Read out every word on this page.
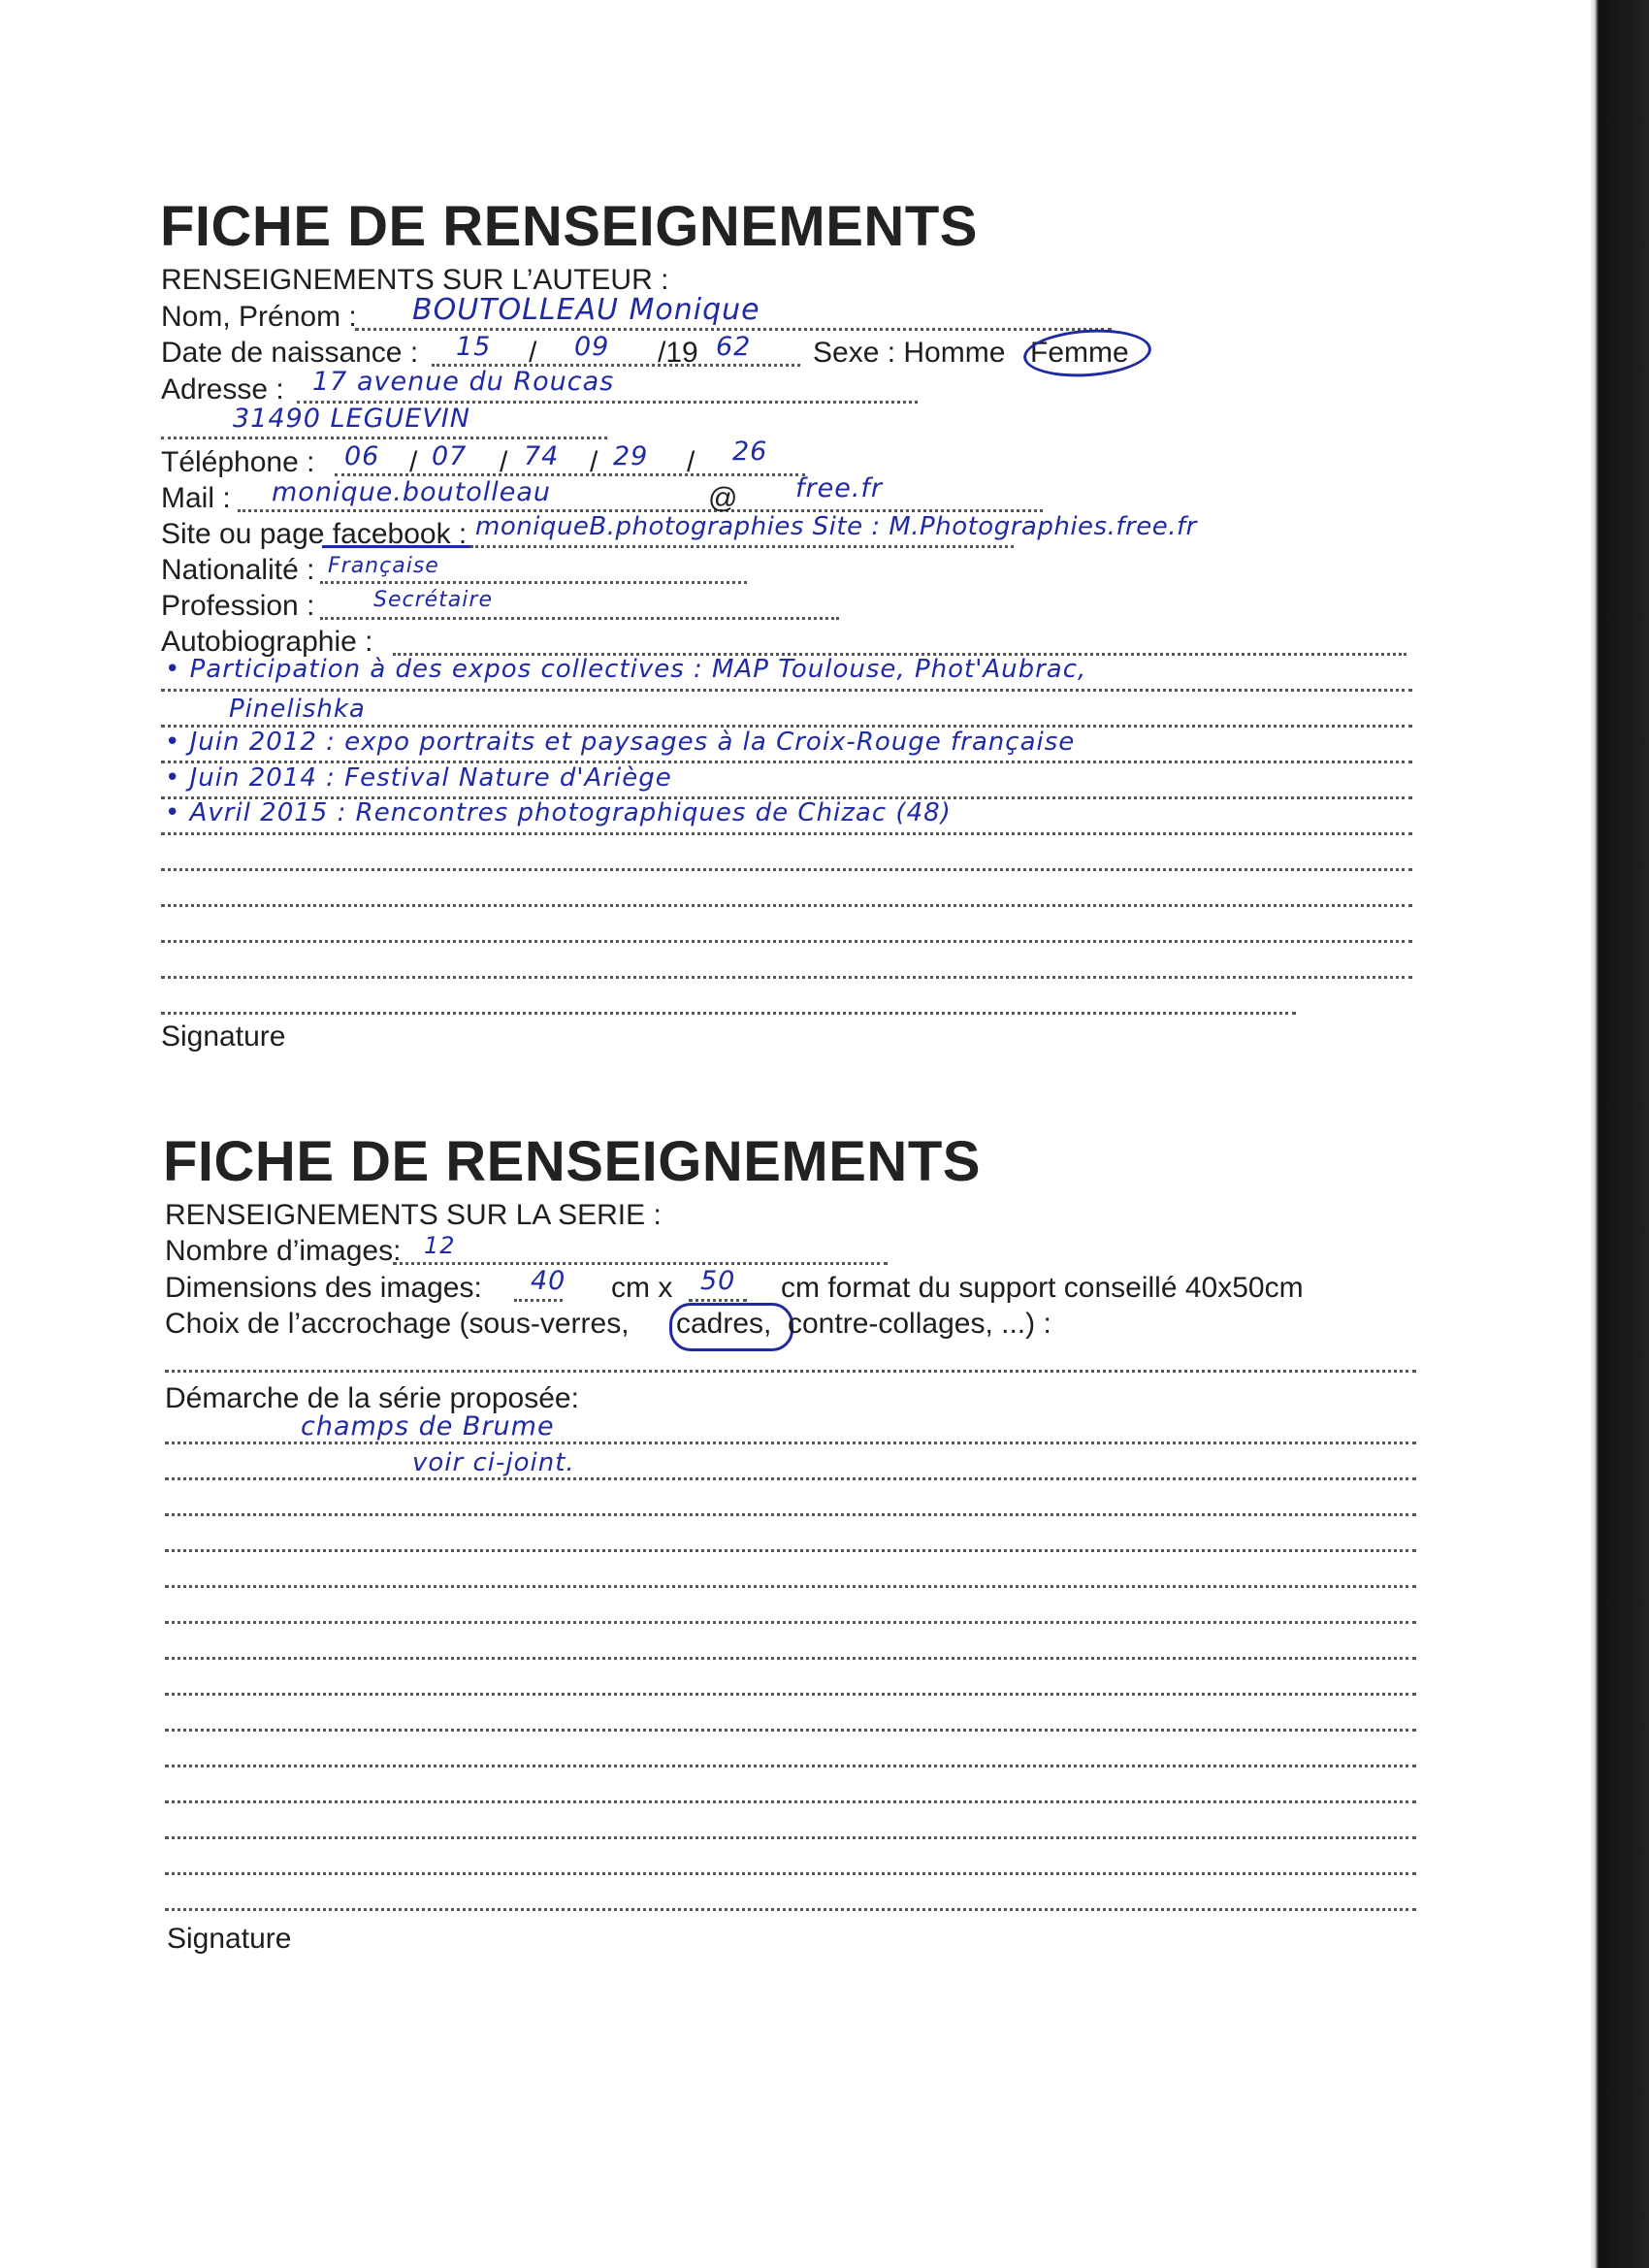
FICHE DE RENSEIGNEMENTS
RENSEIGNEMENTS SUR L’AUTEUR :
Nom, Prénom : BOUTOLLEAU Monique
Date de naissance : 15 / 09 /19 62 Sexe : Homme Femme
Adresse : 17 avenue du Roucas
31490 LEGUEVIN
Téléphone : 06 / 07 / 74 / 29 / 26
Mail : monique.boutolleau	@ free.fr
Site ou page facebook : moniqueB.photographies Site : M.Photographies.free.fr
Nationalité : Française
Profession :	Secrétaire
Autobiographie :
• Participation à des expos collectives : MAP Toulouse, Phot'Aubrac,
Pinelishka
• Juin 2012 : expo portraits et paysages à la Croix-Rouge française
• Juin 2014 : Festival Nature d'Ariège
• Avril 2015 : Rencontres photographiques de Chizac (48)
Signature
FICHE DE RENSEIGNEMENTS
RENSEIGNEMENTS SUR LA SERIE :
Nombre d’images: 12
Dimensions des images: 40 cm x 50 cm format du support conseillé 40x50cm
Choix de l’accrochage (sous-verres, cadres, contre-collages, ...) :
Démarche de la série proposée:
champs de Brume
voir ci-joint.
Signature
